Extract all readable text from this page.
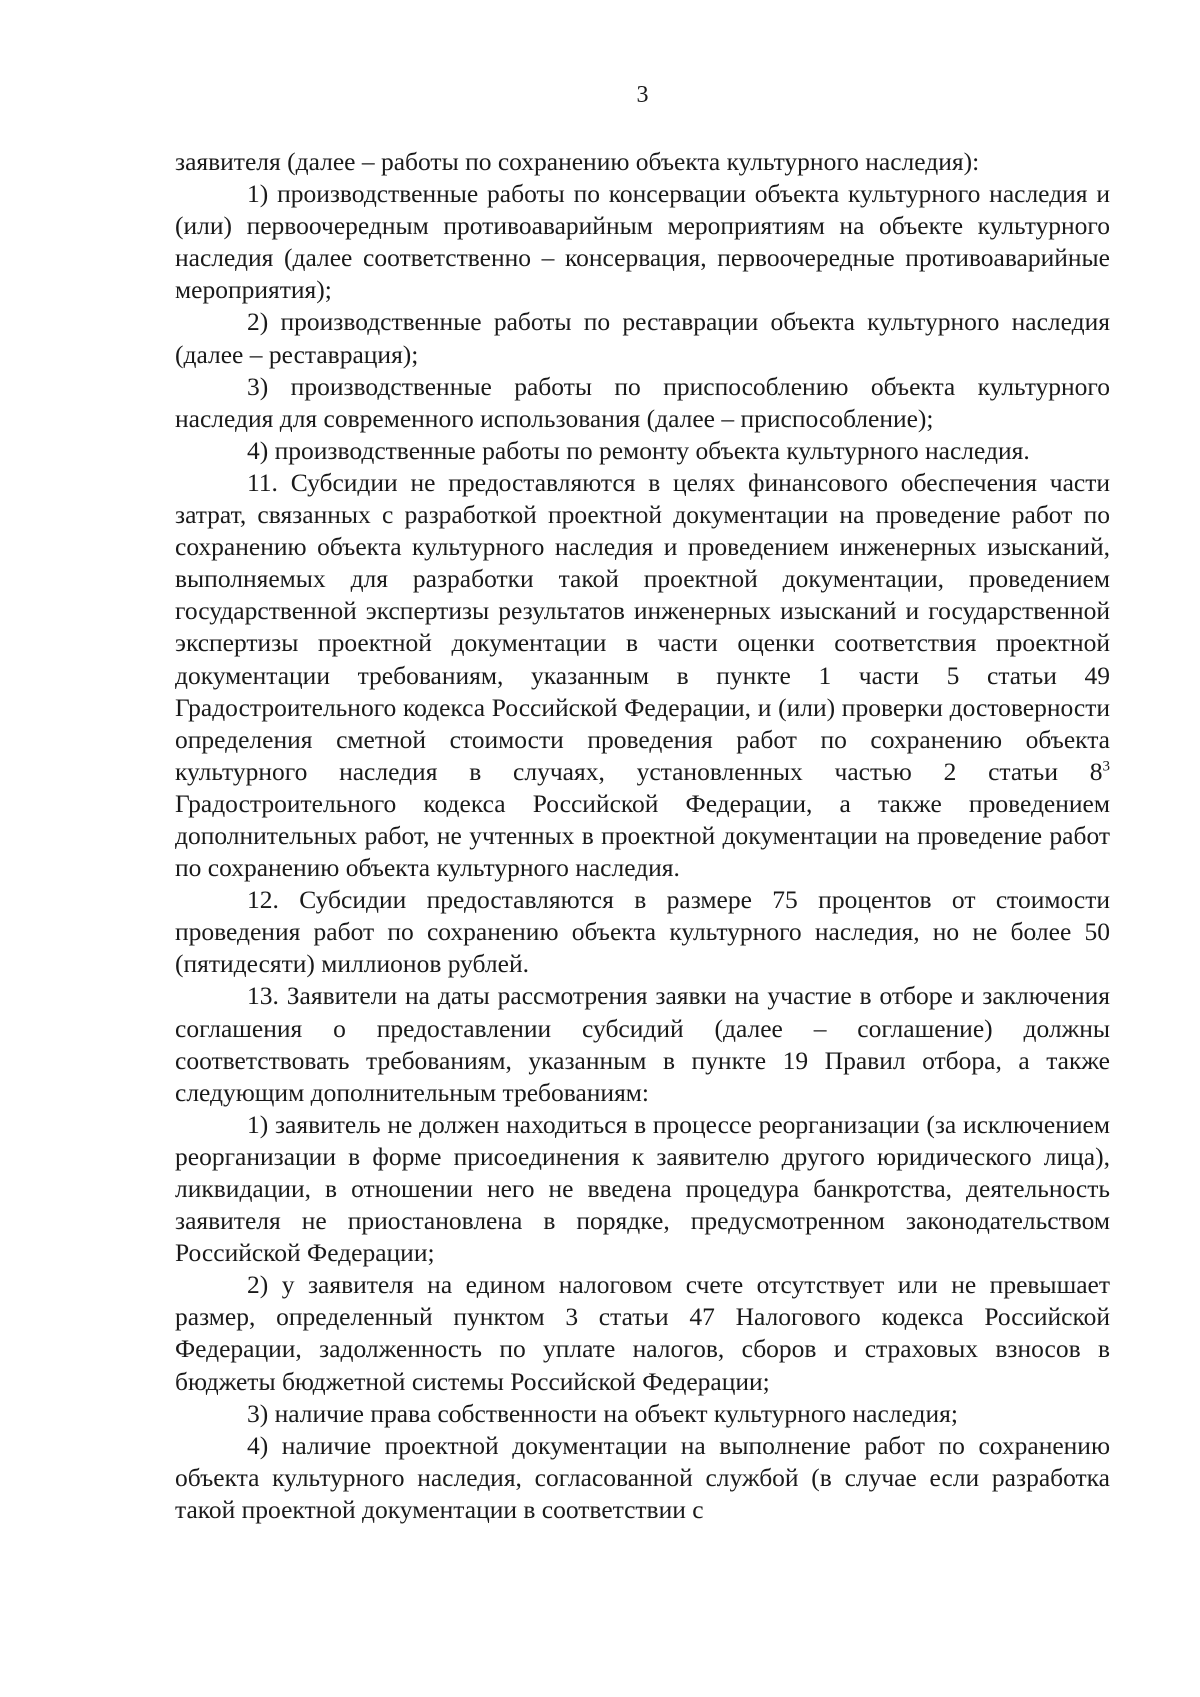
3

заявителя (далее – работы по сохранению объекта культурного наследия):

1) производственные работы по консервации объекта культурного наследия и (или) первоочередным противоаварийным мероприятиям на объекте культурного наследия (далее соответственно – консервация, первоочередные противоаварийные мероприятия);

2) производственные работы по реставрации объекта культурного наследия (далее – реставрация);

3) производственные работы по приспособлению объекта культурного наследия для современного использования (далее – приспособление);

4) производственные работы по ремонту объекта культурного наследия.

11. Субсидии не предоставляются в целях финансового обеспечения части затрат, связанных с разработкой проектной документации на проведение работ по сохранению объекта культурного наследия и проведением инженерных изысканий, выполняемых для разработки такой проектной документации, проведением государственной экспертизы результатов инженерных изысканий и государственной экспертизы проектной документации в части оценки соответствия проектной документации требованиям, указанным в пункте 1 части 5 статьи 49 Градостроительного кодекса Российской Федерации, и (или) проверки достоверности определения сметной стоимости проведения работ по сохранению объекта культурного наследия в случаях, установленных частью 2 статьи $8^3$ Градостроительного кодекса Российской Федерации, а также проведением дополнительных работ, не учтенных в проектной документации на проведение работ по сохранению объекта культурного наследия.

12. Субсидии предоставляются в размере 75 процентов от стоимости проведения работ по сохранению объекта культурного наследия, но не более 50 (пятидесяти) миллионов рублей.

13. Заявители на даты рассмотрения заявки на участие в отборе и заключения соглашения о предоставлении субсидий (далее – соглашение) должны соответствовать требованиям, указанным в пункте 19 Правил отбора, а также следующим дополнительным требованиям:

1) заявитель не должен находиться в процессе реорганизации (за исключением реорганизации в форме присоединения к заявителю другого юридического лица), ликвидации, в отношении него не введена процедура банкротства, деятельность заявителя не приостановлена в порядке, предусмотренном законодательством Российской Федерации;

2) у заявителя на едином налоговом счете отсутствует или не превышает размер, определенный пунктом 3 статьи 47 Налогового кодекса Российской Федерации, задолженность по уплате налогов, сборов и страховых взносов в бюджеты бюджетной системы Российской Федерации;

3) наличие права собственности на объект культурного наследия;

4) наличие проектной документации на выполнение работ по сохранению объекта культурного наследия, согласованной службой (в случае если разработка такой проектной документации в соответствии с
